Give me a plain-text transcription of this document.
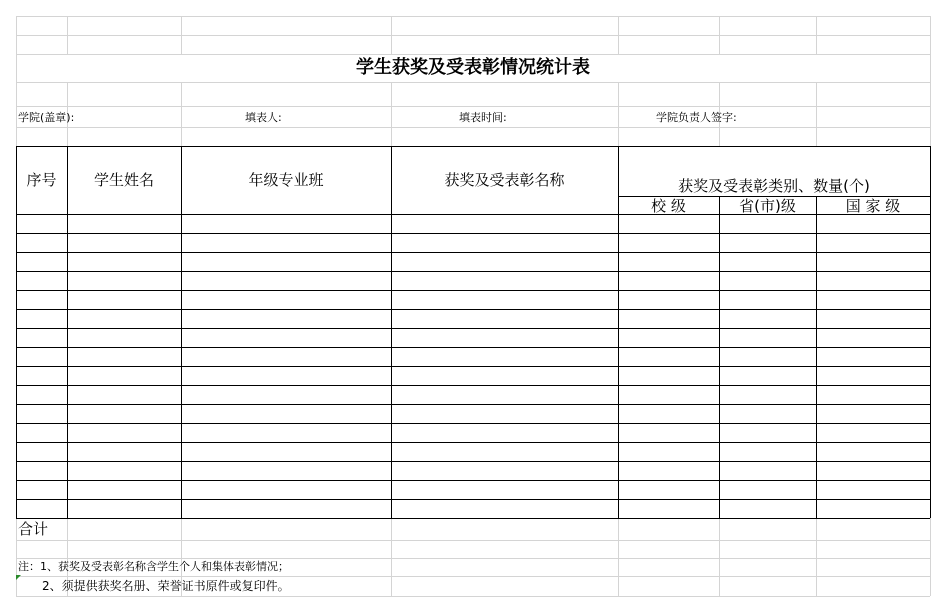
学生获奖及受表彰情况统计表
学院(盖章):	填表人:	填表时间:	学院负责人签字:
序号	学生姓名	年级专业班	获奖及受表彰名称	获奖及受表彰类别、数量(个)
校 级	省(市)级	国 家 级
合计
注：1、获奖及受表彰名称含学生个人和集体表彰情况；
2、须提供获奖名册、荣誉证书原件或复印件。
